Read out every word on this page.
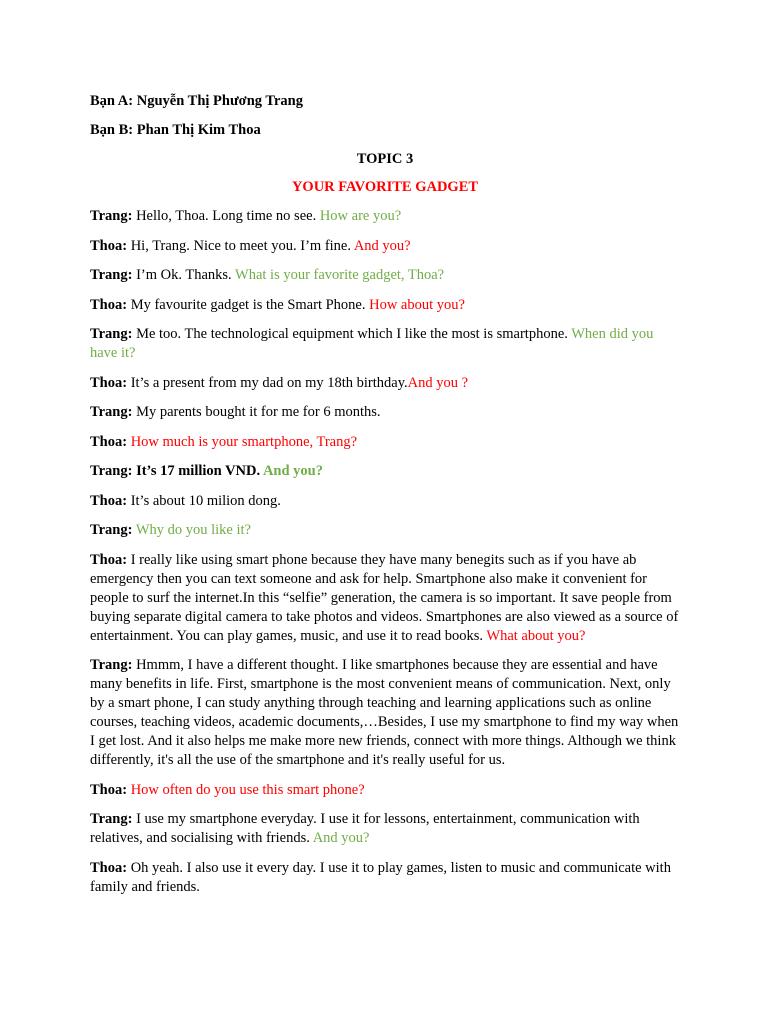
Bạn A: Nguyễn Thị Phương Trang
Bạn B: Phan Thị Kim Thoa
TOPIC 3
YOUR FAVORITE GADGET
Trang: Hello, Thoa. Long time no see. How are you?
Thoa: Hi, Trang. Nice to meet you. I’m fine. And you?
Trang: I’m Ok. Thanks. What is your favorite gadget, Thoa?
Thoa: My favourite gadget is the Smart Phone. How about you?
Trang: Me too. The technological equipment which I like the most is smartphone. When did you have it?
Thoa: It’s a present from my dad on my 18th birthday.And you ?
Trang: My parents bought it for me for 6 months.
Thoa: How much is your smartphone, Trang?
Trang: It’s 17 million VND. And you?
Thoa: It’s about 10 milion dong.
Trang: Why do you like it?
Thoa: I really like using smart phone because they have many benegits such as if you have ab emergency then you can text someone and ask for help. Smartphone also make it convenient for people to surf the internet.In this “selfie” generation, the camera is so important. It save people from buying separate digital camera to take photos and videos. Smartphones are also viewed as a source of entertainment. You can play games, music, and use it to read books. What about you?
Trang: Hmmm, I have a different thought. I like smartphones because they are essential and have many benefits in life. First, smartphone is the most convenient means of communication. Next, only by a smart phone, I can study anything through teaching and learning applications such as online courses, teaching videos, academic documents,…Besides, I use my smartphone to find my way when I get lost. And it also helps me make more new friends, connect with more things. Although we think differently, it's all the use of the smartphone and it's really useful for us.
Thoa: How often do you use this smart phone?
Trang: I use my smartphone everyday. I use it for lessons, entertainment, communication with relatives, and socialising with friends. And you?
Thoa: Oh yeah. I also use it every day. I use it to play games, listen to music and communicate with family and friends.
